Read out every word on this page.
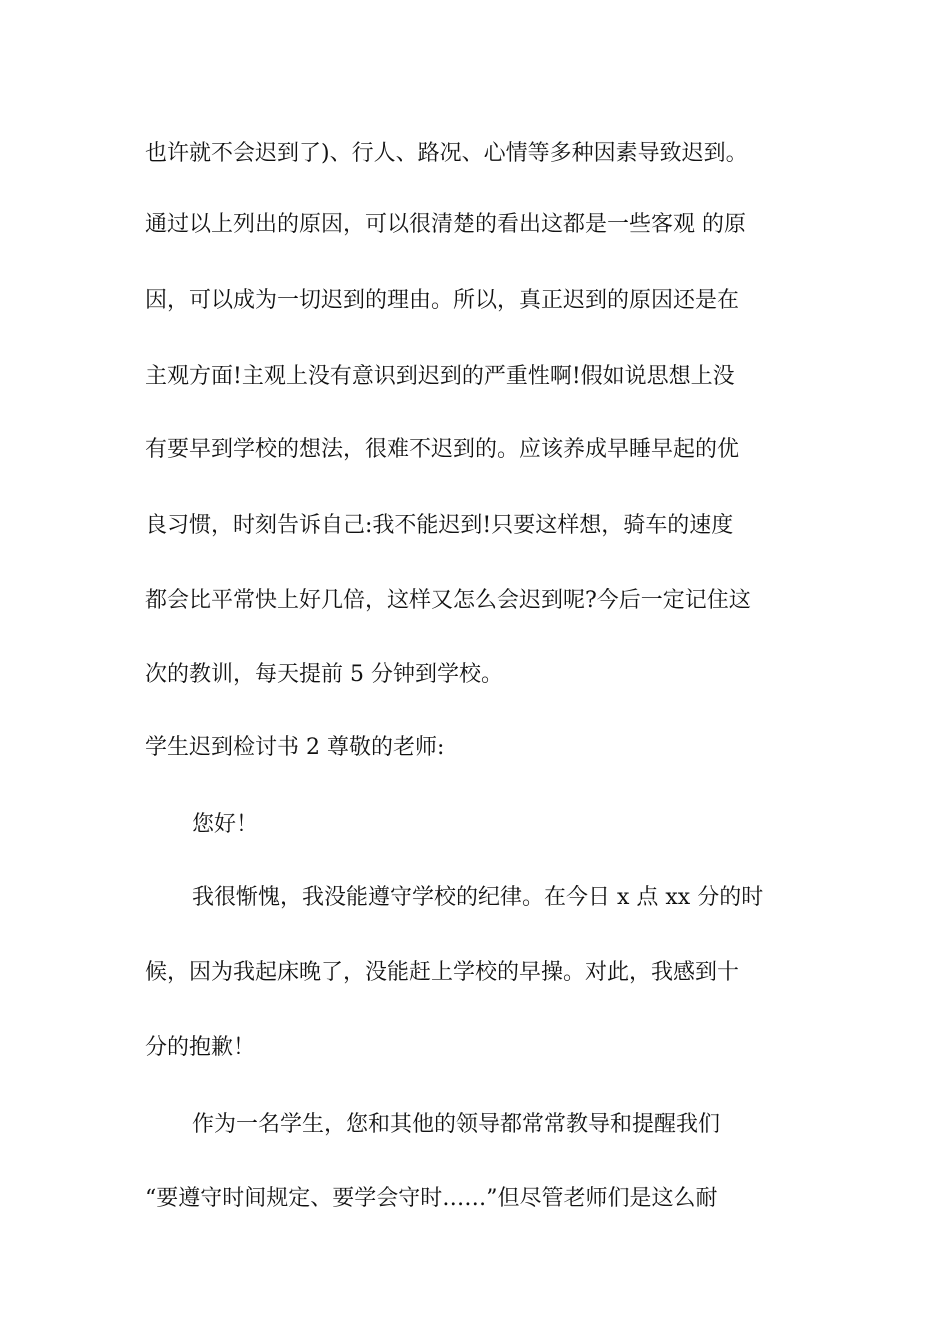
也许就不会迟到了)、行人、路况、心情等多种因素导致迟到。
通过以上列出的原因，可以很清楚的看出这都是一些客观 的原
因，可以成为一切迟到的理由。所以，真正迟到的原因还是在
主观方面!主观上没有意识到迟到的严重性啊!假如说思想上没
有要早到学校的想法，很难不迟到的。应该养成早睡早起的优
良习惯，时刻告诉自己:我不能迟到!只要这样想，骑车的速度
都会比平常快上好几倍，这样又怎么会迟到呢?今后一定记住这
次的教训，每天提前 5 分钟到学校。
学生迟到检讨书 2 尊敬的老师:
您好！
我很惭愧，我没能遵守学校的纪律。在今日 x 点 xx 分的时
候，因为我起床晚了，没能赶上学校的早操。对此，我感到十
分的抱歉！
作为一名学生，您和其他的领导都常常教导和提醒我们
“要遵守时间规定、要学会守时……”但尽管老师们是这么耐
